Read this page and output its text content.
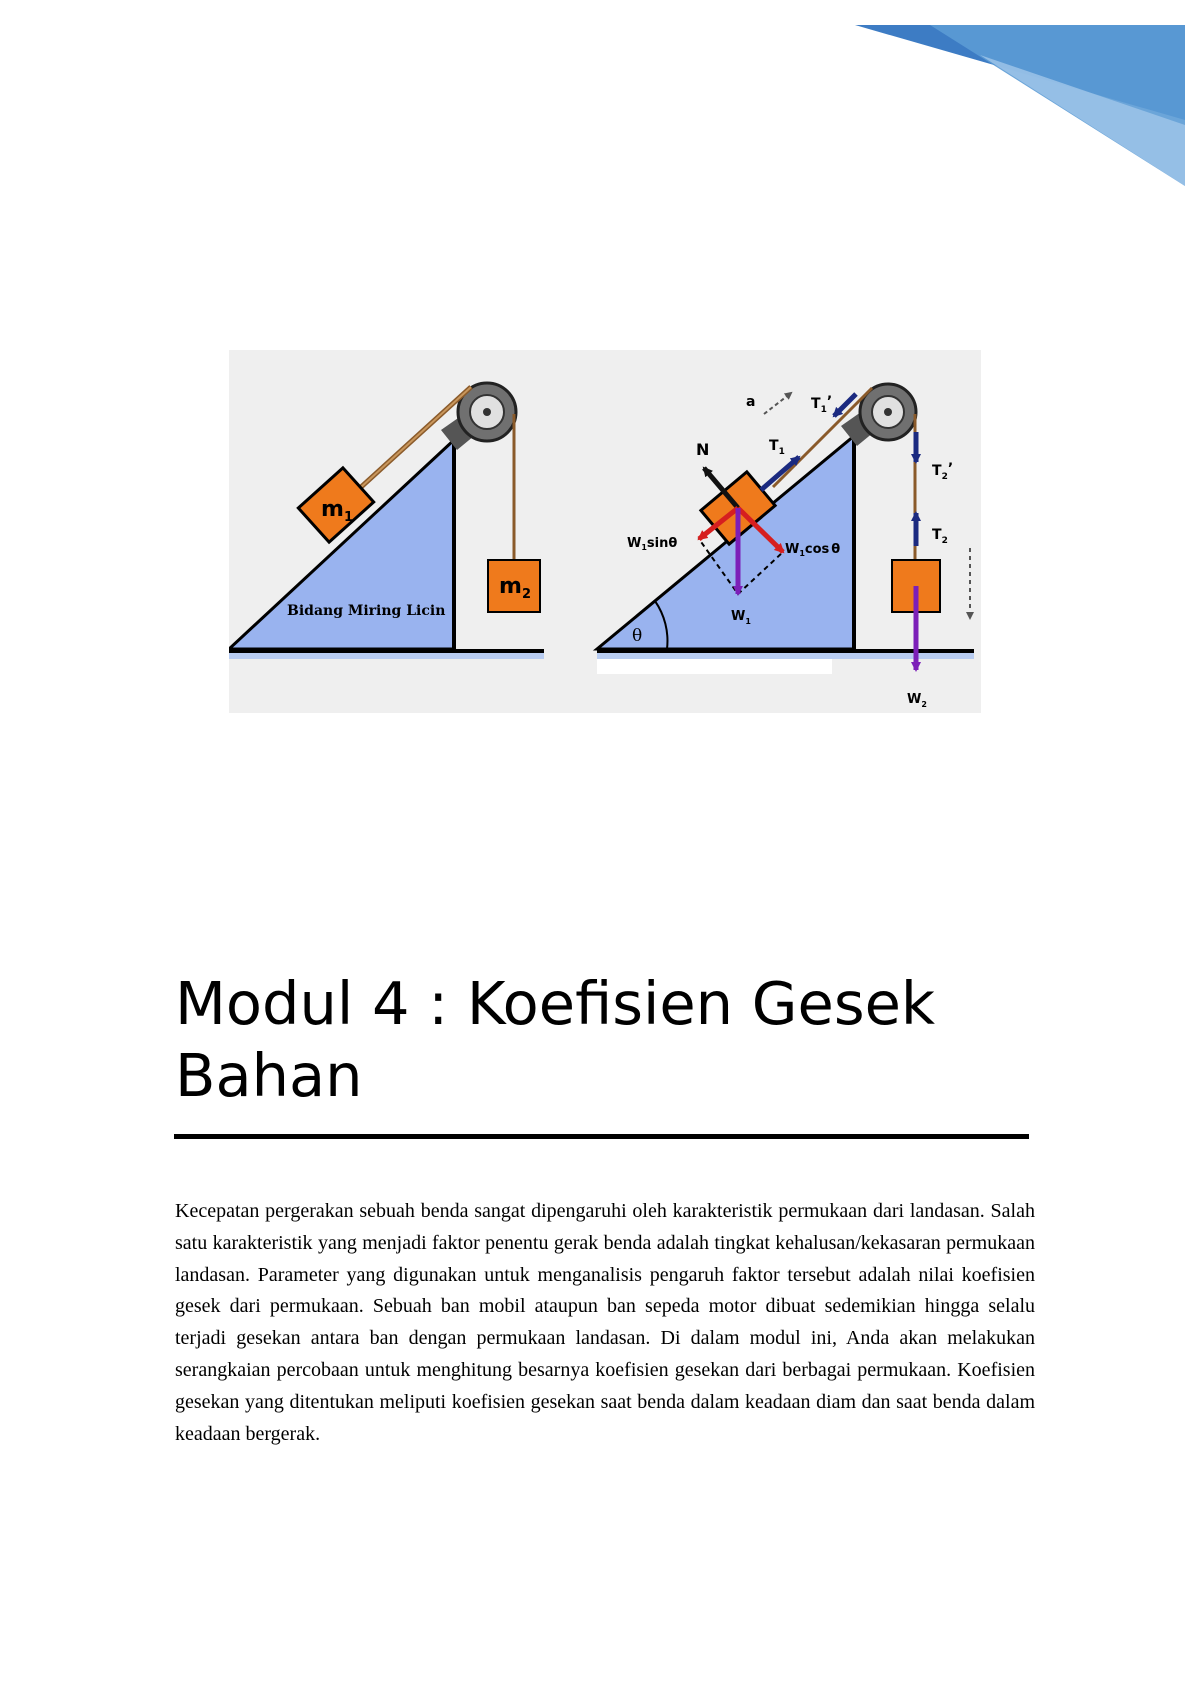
$m_1$
$m_2$
Bidang Miring Licin
θ
a
N	$T_1$
$T_1$’
$T_2$’
$T_2$
$W_1\sin\theta$	$W_1\cos$ θ
$W_1$
$W_2$
Modul 4 : Koefisien Gesek Bahan

Kecepatan pergerakan sebuah benda sangat dipengaruhi oleh karakteristik permukaan dari landasan. Salah satu karakteristik yang menjadi faktor penentu gerak benda adalah tingkat kehalusan/kekasaran permukaan landasan. Parameter yang digunakan untuk menganalisis pengaruh faktor tersebut adalah nilai koefisien gesek dari permukaan. Sebuah ban mobil ataupun ban sepeda motor dibuat sedemikian hingga selalu terjadi gesekan antara ban dengan permukaan landasan. Di dalam modul ini, Anda akan melakukan serangkaian percobaan untuk menghitung besarnya koefisien gesekan dari berbagai permukaan. Koefisien gesekan yang ditentukan meliputi koefisien gesekan saat benda dalam keadaan diam dan saat benda dalam keadaan bergerak.
